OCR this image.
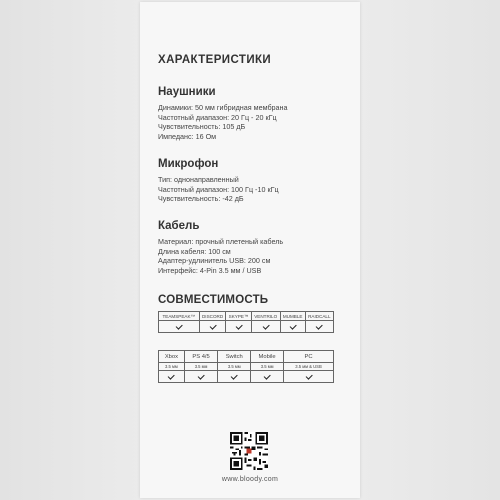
ХАРАКТЕРИСТИКИ
Наушники
Динамики: 50 мм гибридная мембрана
Частотный диапазон: 20 Гц - 20 кГц
Чувствительность: 105 дБ
Импеданс: 16 Ом
Микрофон
Тип: однонаправленный
Частотный диапазон: 100 Гц -10 кГц
Чувствительность: -42 дБ
Кабель
Материал: прочный плетеный кабель
Длина кабеля: 100 см
Адаптер-удлинитель USB: 200 см
Интерфейс: 4-Pin 3.5 мм / USB
СОВМЕСТИМОСТЬ
TEAMSPEAK™	DISCORD	SKYPE™	VENTRILO	MUMBLE	RAIDCALL

Xbox	PS 4/5	Switch	Mobile	PC
3.5 мм	3.5 мм	3.5 мм	3.5 мм	3.5 мм & USB

www.bloody.com
